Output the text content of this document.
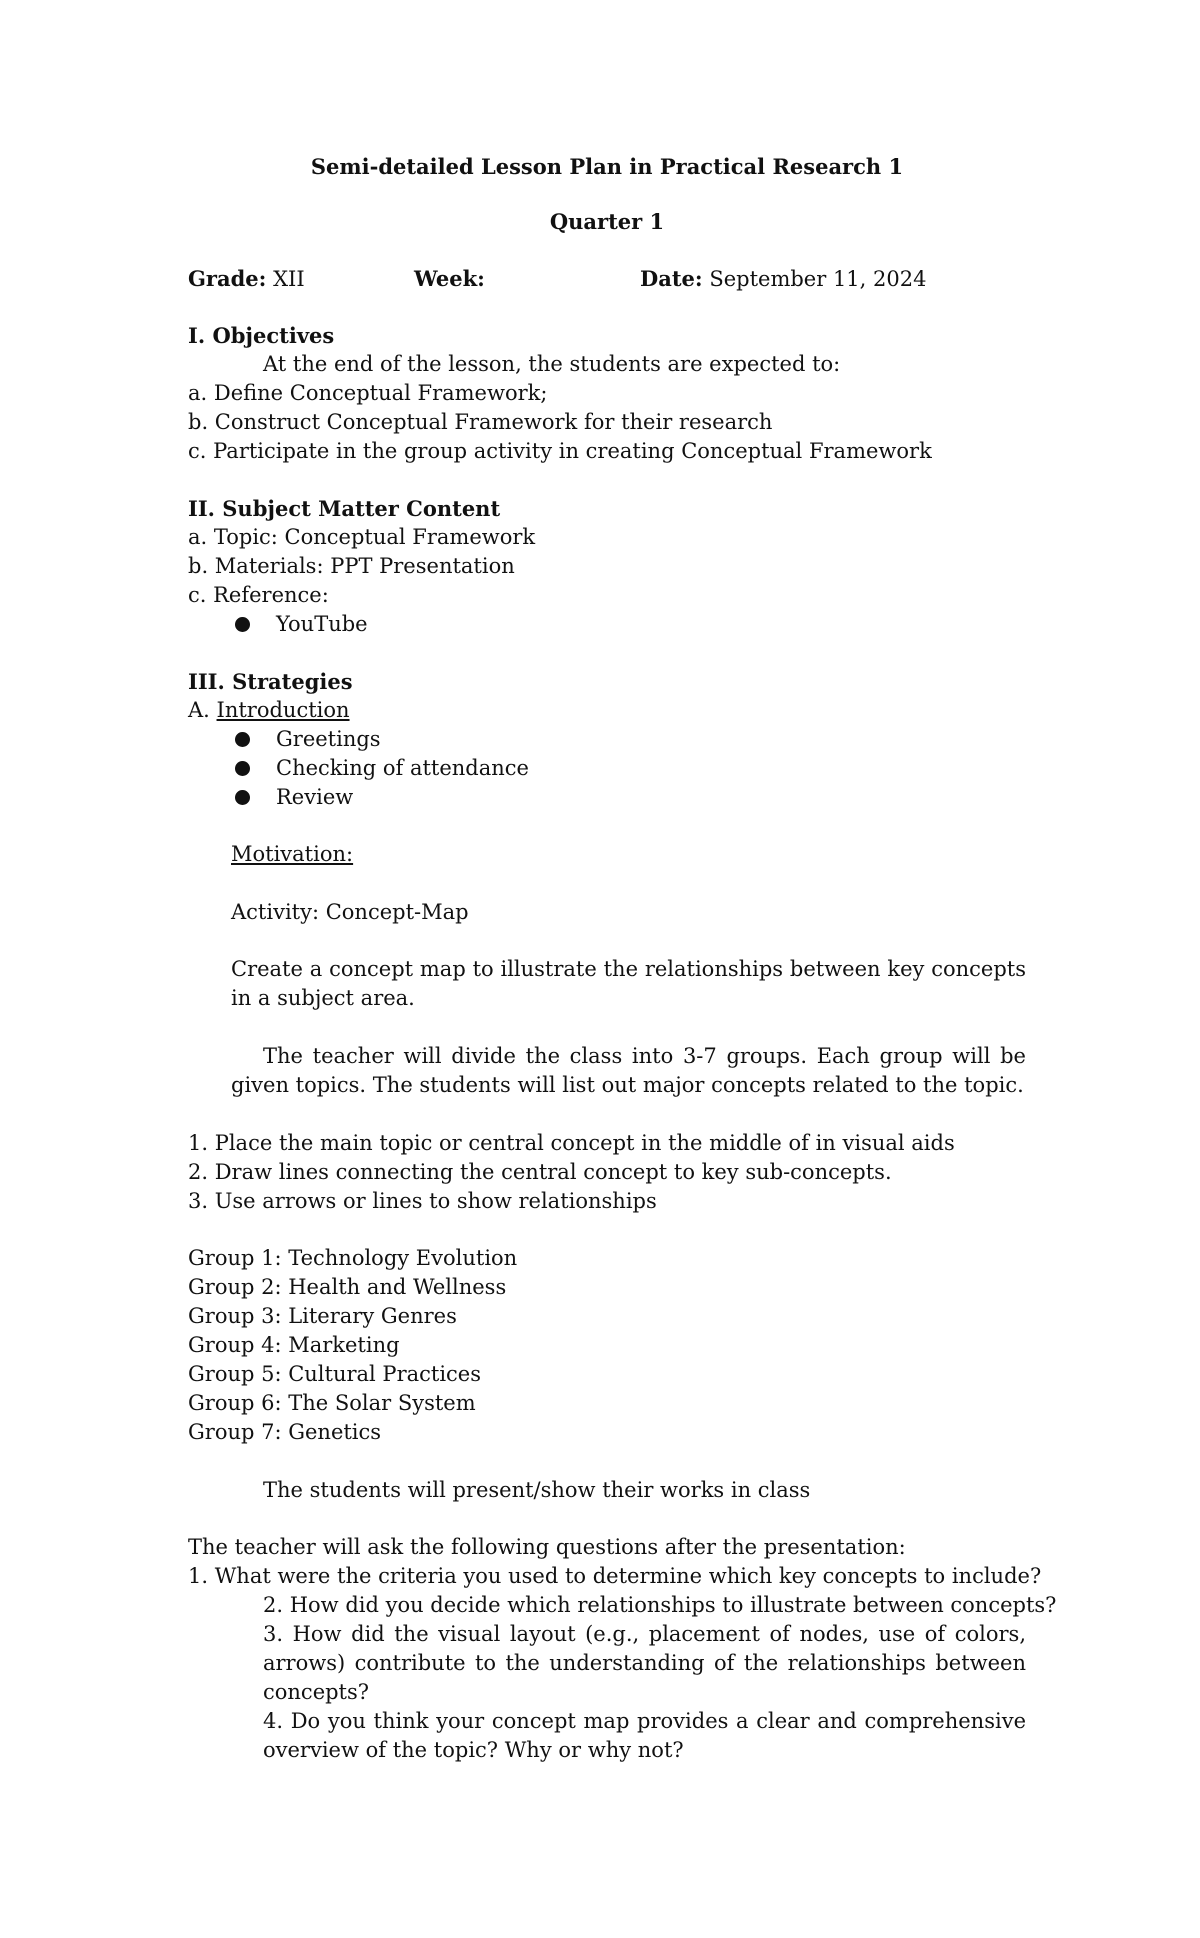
Semi-detailed Lesson Plan in Practical Research 1
Quarter 1
Grade: XII	Week:	Date: September 11, 2024
I. Objectives
At the end of the lesson, the students are expected to:
a. Define Conceptual Framework;
b. Construct Conceptual Framework for their research
c. Participate in the group activity in creating Conceptual Framework
II. Subject Matter Content
a. Topic: Conceptual Framework
b. Materials: PPT Presentation
c. Reference:
YouTube
III. Strategies
A. Introduction
Greetings
Checking of attendance
Review
Motivation:
Activity: Concept-Map
Create a concept map to illustrate the relationships between key concepts in a subject area.
The teacher will divide the class into 3-7 groups. Each group will be given topics. The students will list out major concepts related to the topic.
1. Place the main topic or central concept in the middle of in visual aids
2. Draw lines connecting the central concept to key sub-concepts.
3. Use arrows or lines to show relationships
Group 1: Technology Evolution
Group 2: Health and Wellness
Group 3: Literary Genres
Group 4: Marketing
Group 5: Cultural Practices
Group 6: The Solar System
Group 7: Genetics
The students will present/show their works in class
The teacher will ask the following questions after the presentation:
1. What were the criteria you used to determine which key concepts to include?
2. How did you decide which relationships to illustrate between concepts?
3. How did the visual layout (e.g., placement of nodes, use of colors, arrows) contribute to the understanding of the relationships between concepts?
4. Do you think your concept map provides a clear and comprehensive overview of the topic? Why or why not?
